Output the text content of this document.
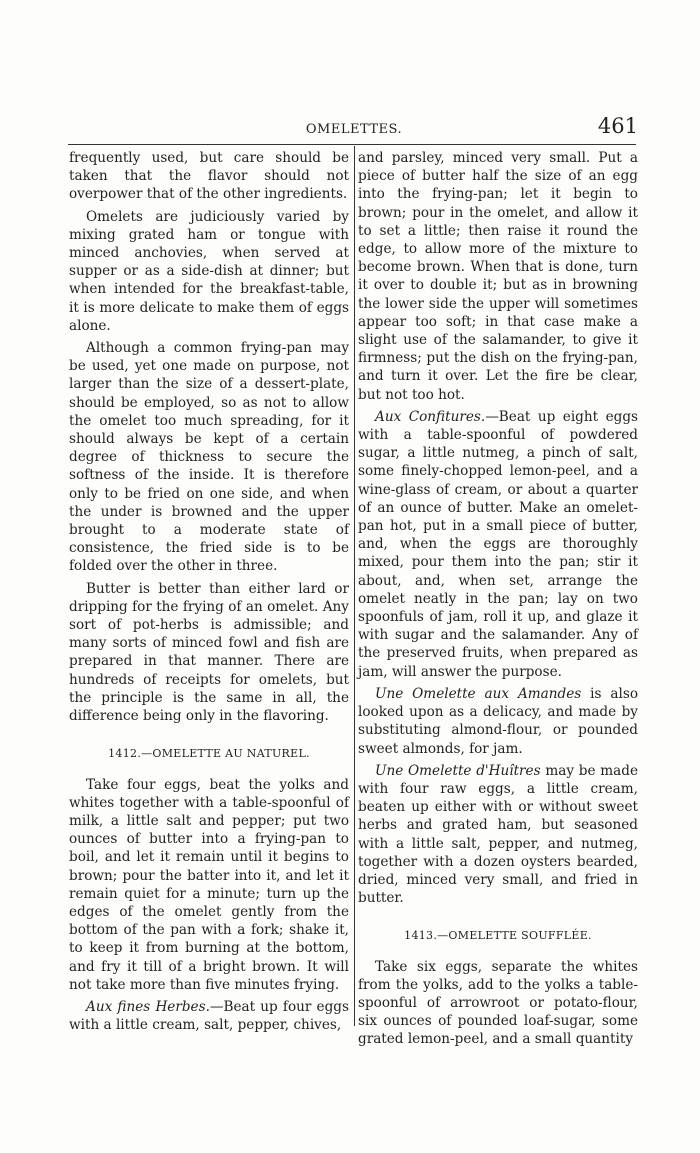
OMELETTES.	461

frequently used, but care should be taken that the flavor should not overpower that of the other ingredients.

Omelets are judiciously varied by mixing grated ham or tongue with minced anchovies, when served at supper or as a side-dish at dinner; but when intended for the breakfast-table, it is more delicate to make them of eggs alone.

Although a common frying-pan may be used, yet one made on purpose, not larger than the size of a dessert-plate, should be employed, so as not to allow the omelet too much spreading, for it should always be kept of a certain degree of thickness to secure the softness of the inside. It is therefore only to be fried on one side, and when the under is browned and the upper brought to a moderate state of consistence, the fried side is to be folded over the other in three.

Butter is better than either lard or dripping for the frying of an omelet. Any sort of pot-herbs is admissible; and many sorts of minced fowl and fish are prepared in that manner. There are hundreds of receipts for omelets, but the principle is the same in all, the difference being only in the flavoring.

1412.—OMELETTE AU NATUREL.

Take four eggs, beat the yolks and whites together with a table-spoonful of milk, a little salt and pepper; put two ounces of butter into a frying-pan to boil, and let it remain until it begins to brown; pour the batter into it, and let it remain quiet for a minute; turn up the edges of the omelet gently from the bottom of the pan with a fork; shake it, to keep it from burning at the bottom, and fry it till of a bright brown. It will not take more than five minutes frying.

Aux fines Herbes.—Beat up four eggs with a little cream, salt, pepper, chives,

and parsley, minced very small. Put a piece of butter half the size of an egg into the frying-pan; let it begin to brown; pour in the omelet, and allow it to set a little; then raise it round the edge, to allow more of the mixture to become brown. When that is done, turn it over to double it; but as in browning the lower side the upper will sometimes appear too soft; in that case make a slight use of the salamander, to give it firmness; put the dish on the frying-pan, and turn it over. Let the fire be clear, but not too hot.

Aux Confitures.—Beat up eight eggs with a table-spoonful of powdered sugar, a little nutmeg, a pinch of salt, some finely-chopped lemon-peel, and a wine-glass of cream, or about a quarter of an ounce of butter. Make an omelet-pan hot, put in a small piece of butter, and, when the eggs are thoroughly mixed, pour them into the pan; stir it about, and, when set, arrange the omelet neatly in the pan; lay on two spoonfuls of jam, roll it up, and glaze it with sugar and the salamander. Any of the preserved fruits, when prepared as jam, will answer the purpose.

Une Omelette aux Amandes is also looked upon as a delicacy, and made by substituting almond-flour, or pounded sweet almonds, for jam.

Une Omelette d'Huîtres may be made with four raw eggs, a little cream, beaten up either with or without sweet herbs and grated ham, but seasoned with a little salt, pepper, and nutmeg, together with a dozen oysters bearded, dried, minced very small, and fried in butter.

1413.—OMELETTE SOUFFLÉE.

Take six eggs, separate the whites from the yolks, add to the yolks a table-spoonful of arrowroot or potato-flour, six ounces of pounded loaf-sugar, some grated lemon-peel, and a small quantity
